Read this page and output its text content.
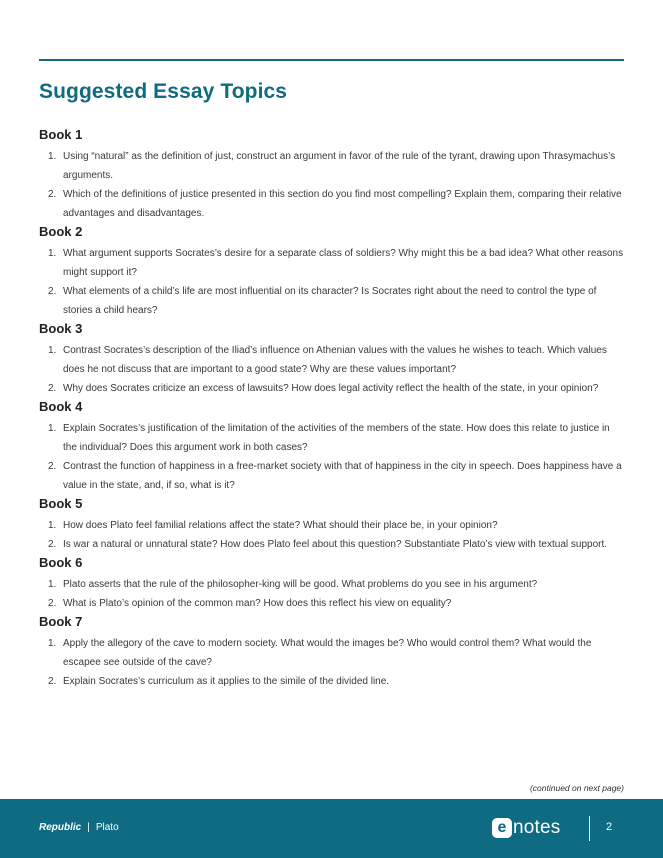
Suggested Essay Topics
Book 1
1. Using “natural” as the definition of just, construct an argument in favor of the rule of the tyrant, drawing upon Thrasymachus’s arguments.
2. Which of the definitions of justice presented in this section do you find most compelling? Explain them, comparing their relative advantages and disadvantages.
Book 2
1. What argument supports Socrates’s desire for a separate class of soldiers? Why might this be a bad idea? What other reasons might support it?
2. What elements of a child’s life are most influential on its character? Is Socrates right about the need to control the type of stories a child hears?
Book 3
1. Contrast Socrates’s description of the Iliad’s influence on Athenian values with the values he wishes to teach. Which values does he not discuss that are important to a good state? Why are these values important?
2. Why does Socrates criticize an excess of lawsuits? How does legal activity reflect the health of the state, in your opinion?
Book 4
1. Explain Socrates’s justification of the limitation of the activities of the members of the state. How does this relate to justice in the individual? Does this argument work in both cases?
2. Contrast the function of happiness in a free-market society with that of happiness in the city in speech. Does happiness have a value in the state, and, if so, what is it?
Book 5
1. How does Plato feel familial relations affect the state? What should their place be, in your opinion?
2. Is war a natural or unnatural state? How does Plato feel about this question? Substantiate Plato’s view with textual support.
Book 6
1. Plato asserts that the rule of the philosopher-king will be good. What problems do you see in his argument?
2. What is Plato’s opinion of the common man? How does this reflect his view on equality?
Book 7
1. Apply the allegory of the cave to modern society. What would the images be? Who would control them? What would the escapee see outside of the cave?
2. Explain Socrates’s curriculum as it applies to the simile of the divided line.
(continued on next page)
Republic | Plato	e notes	2
